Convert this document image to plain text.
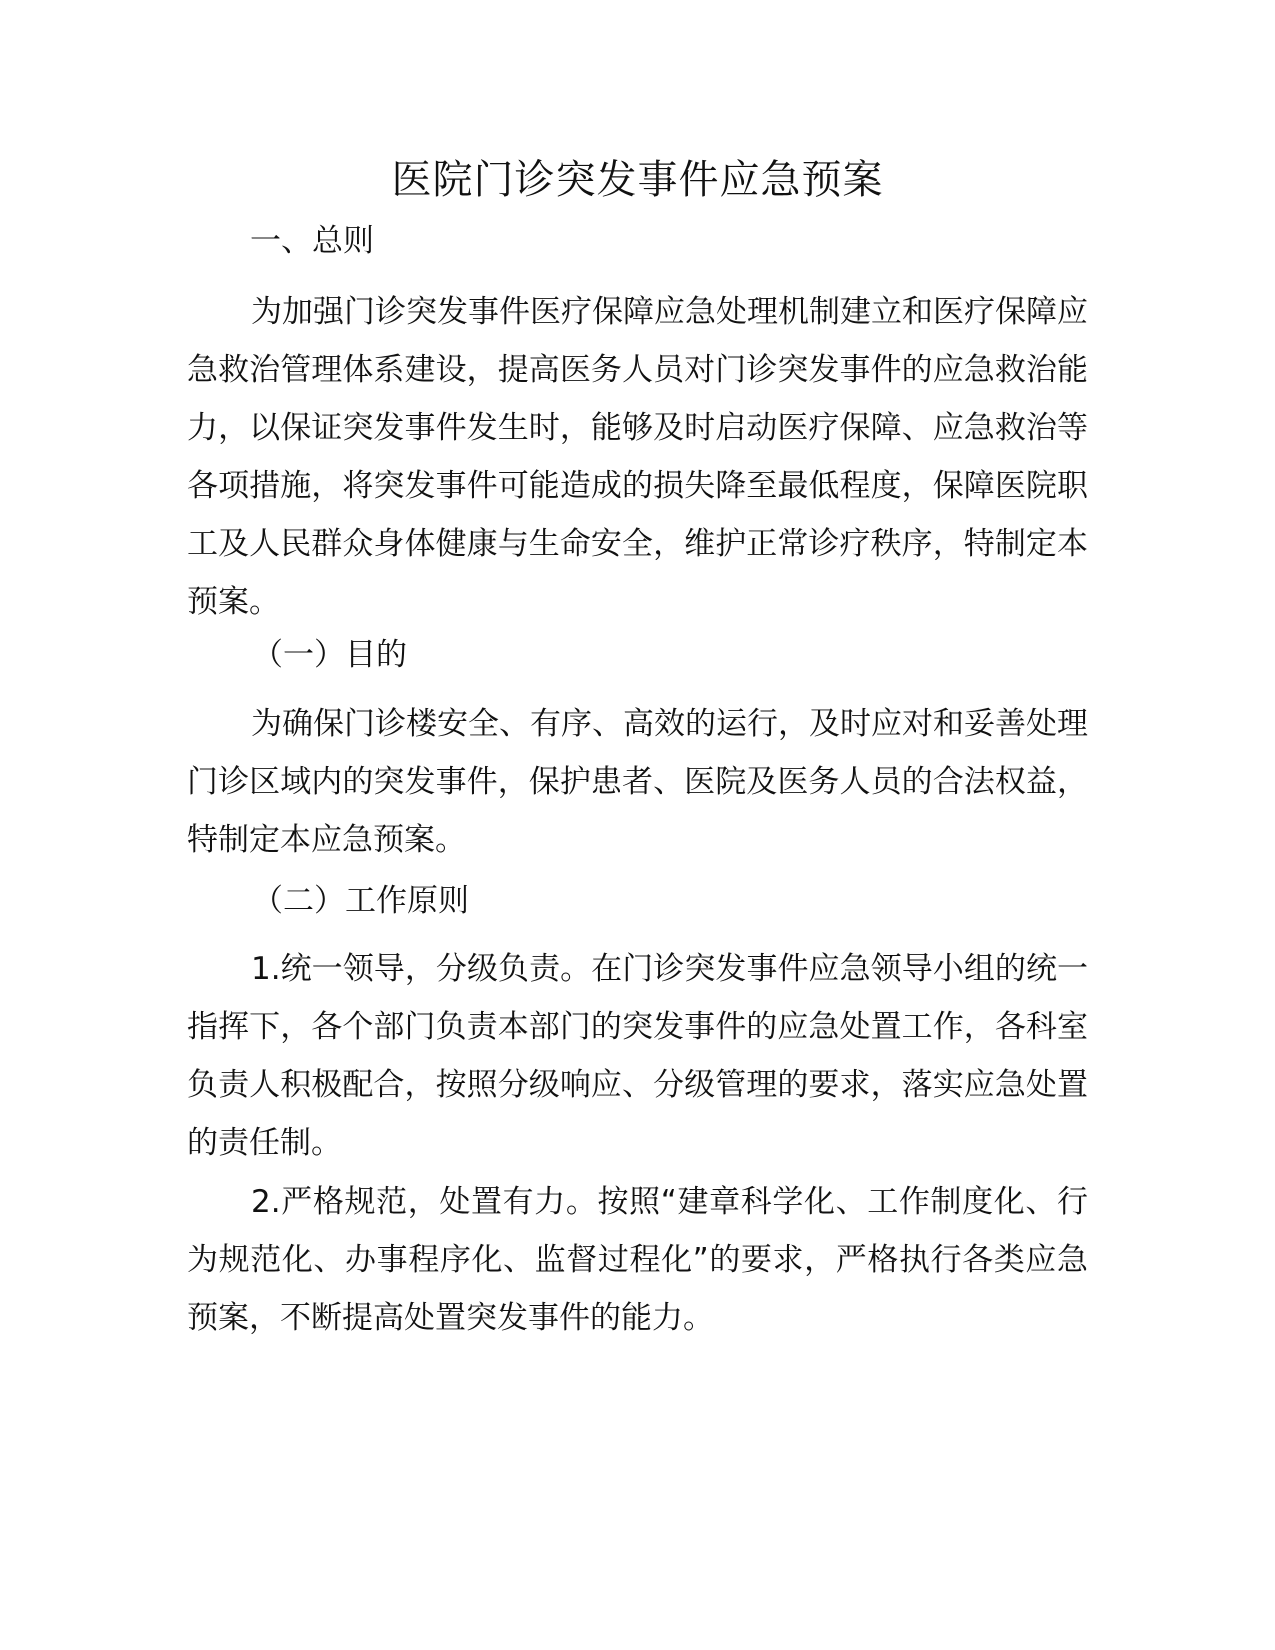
医院门诊突发事件应急预案

一、总则

为加强门诊突发事件医疗保障应急处理机制建立和医疗保障应急救治管理体系建设，提高医务人员对门诊突发事件的应急救治能力，以保证突发事件发生时，能够及时启动医疗保障、应急救治等各项措施，将突发事件可能造成的损失降至最低程度，保障医院职工及人民群众身体健康与生命安全，维护正常诊疗秩序，特制定本预案。

（一）目的

为确保门诊楼安全、有序、高效的运行，及时应对和妥善处理门诊区域内的突发事件，保护患者、医院及医务人员的合法权益，特制定本应急预案。

（二）工作原则

1.统一领导，分级负责。在门诊突发事件应急领导小组的统一指挥下，各个部门负责本部门的突发事件的应急处置工作，各科室负责人积极配合，按照分级响应、分级管理的要求，落实应急处置的责任制。

2.严格规范，处置有力。按照“建章科学化、工作制度化、行为规范化、办事程序化、监督过程化”的要求，严格执行各类应急预案，不断提高处置突发事件的能力。
